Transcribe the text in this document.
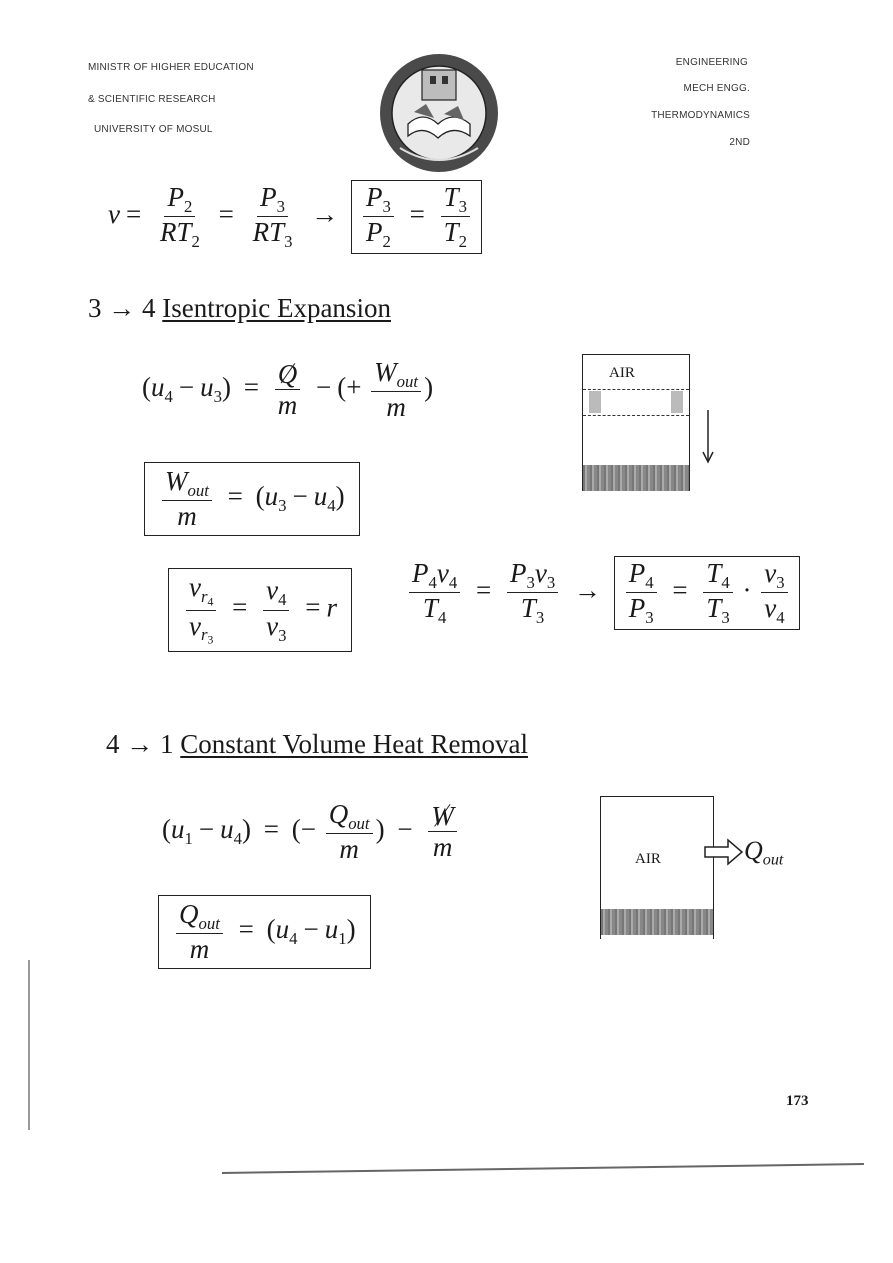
MINISTR OF HIGHER EDUCATION
& SCIENTIFIC RESEARCH
UNIVERSITY OF MOSUL
ENGINEERING
MECH ENGG.
THERMODYNAMICS
2ND
$v = \frac{P_2}{RT_2} = \frac{P_3}{RT_3} \to \frac{P_3}{P_2} = \frac{T_3}{T_2}$
3 → 4 Isentropic Expansion
$(u_4 - u_3) = \frac{Q}{m}$ − (+ $\frac{W_{out}}{m}$ )
$\frac{W_{out}}{m} = (u_3 - u_4)$
$\frac{v_{r_4}}{v_{r_3}} = \frac{v_4}{v_3} = r$	$\frac{P_4v_4}{T_4} = \frac{P_3v_3}{T_3} \to \frac{P_4}{P_3} = \frac{T_4}{T_3} \cdot \frac{v_3}{v_4}$
AIR
4 → 1 Constant Volume Heat Removal
$(u_1 - u_4)$ = (− $\frac{Q_{out}}{m}$ ) − $\frac{W}{m}$
$\frac{Q_{out}}{m} = (u_4 - u_1)$
AIR	$Q_{out}$
173
